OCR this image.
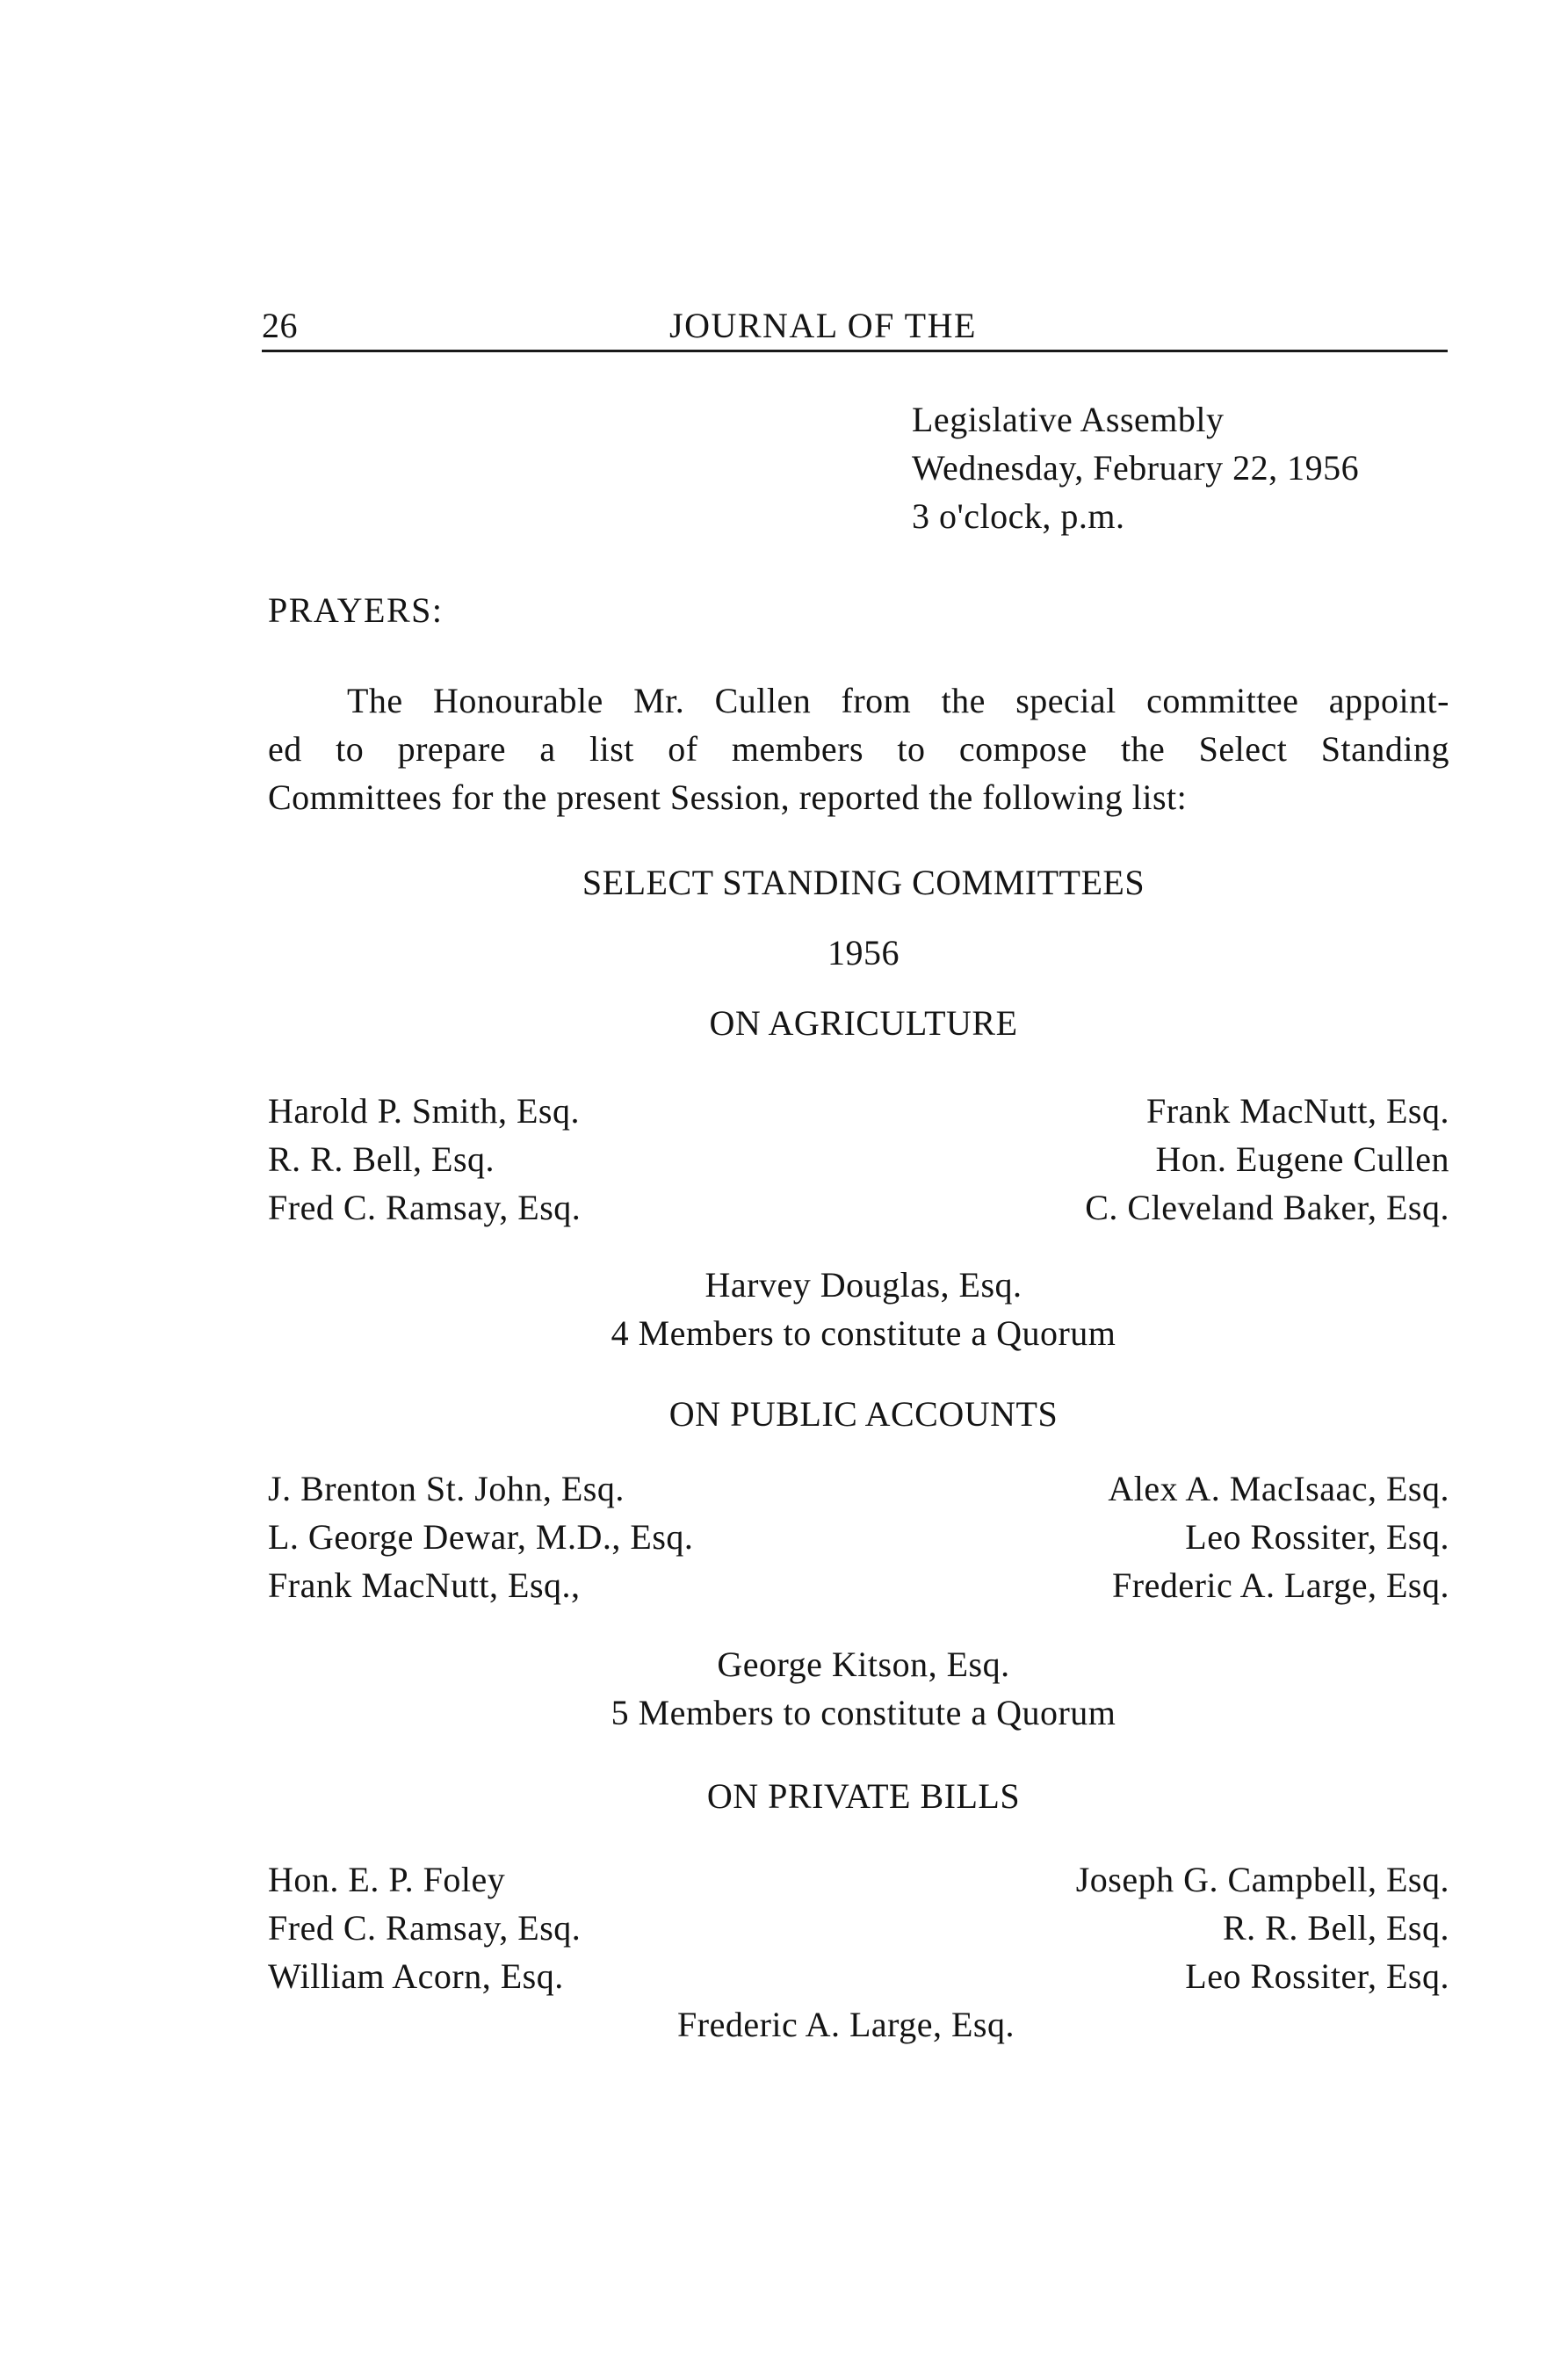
26	JOURNAL OF THE
Legislative Assembly
Wednesday, February 22, 1956
3 o'clock, p.m.
PRAYERS:
The Honourable Mr. Cullen from the special committee appoint-
ed to prepare a list of members to compose the Select Standing
Committees for the present Session, reported the following list:
SELECT STANDING COMMITTEES
1956
ON AGRICULTURE
Harold P. Smith, Esq.
R. R. Bell, Esq.
Fred C. Ramsay, Esq.
Frank MacNutt, Esq.
Hon. Eugene Cullen
C. Cleveland Baker, Esq.
Harvey Douglas, Esq.
4 Members to constitute a Quorum
ON PUBLIC ACCOUNTS
J. Brenton St. John, Esq.
L. George Dewar, M.D., Esq.
Frank MacNutt, Esq.,
Alex A. MacIsaac, Esq.
Leo Rossiter, Esq.
Frederic A. Large, Esq.
George Kitson, Esq.
5 Members to constitute a Quorum
ON PRIVATE BILLS
Hon. E. P. Foley
Fred C. Ramsay, Esq.
William Acorn, Esq.
Joseph G. Campbell, Esq.
R. R. Bell, Esq.
Leo Rossiter, Esq.
Frederic A. Large, Esq.
